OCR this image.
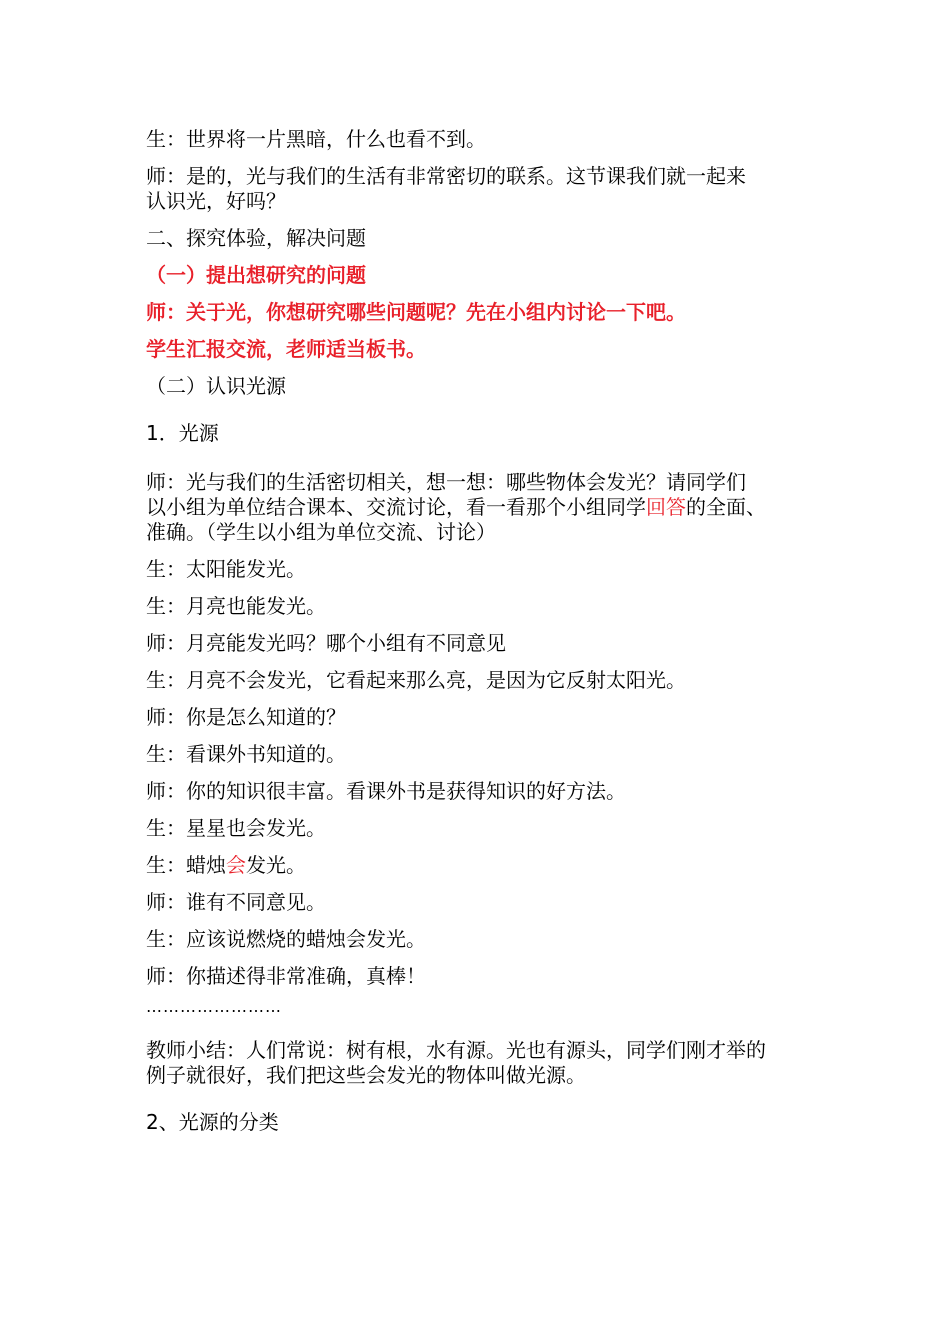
生：世界将一片黑暗，什么也看不到。

师：是的，光与我们的生活有非常密切的联系。这节课我们就一起来

认识光，好吗？

二、探究体验，解决问题

（一）提出想研究的问题

师：关于光，你想研究哪些问题呢？先在小组内讨论一下吧。

学生汇报交流，老师适当板书。

（二）认识光源

1．光源

师：光与我们的生活密切相关，想一想：哪些物体会发光？请同学们

以小组为单位结合课本、交流讨论，看一看那个小组同学回答的全面、

准确。（学生以小组为单位交流、讨论）

生：太阳能发光。

生：月亮也能发光。

师：月亮能发光吗？哪个小组有不同意见

生：月亮不会发光，它看起来那么亮，是因为它反射太阳光。

师：你是怎么知道的？

生：看课外书知道的。

师：你的知识很丰富。看课外书是获得知识的好方法。

生：星星也会发光。

生：蜡烛会发光。

师：谁有不同意见。

生：应该说燃烧的蜡烛会发光。

师：你描述得非常准确，真棒！

……………………

教师小结：人们常说：树有根，水有源。光也有源头，同学们刚才举的

例子就很好，我们把这些会发光的物体叫做光源。

2、光源的分类
